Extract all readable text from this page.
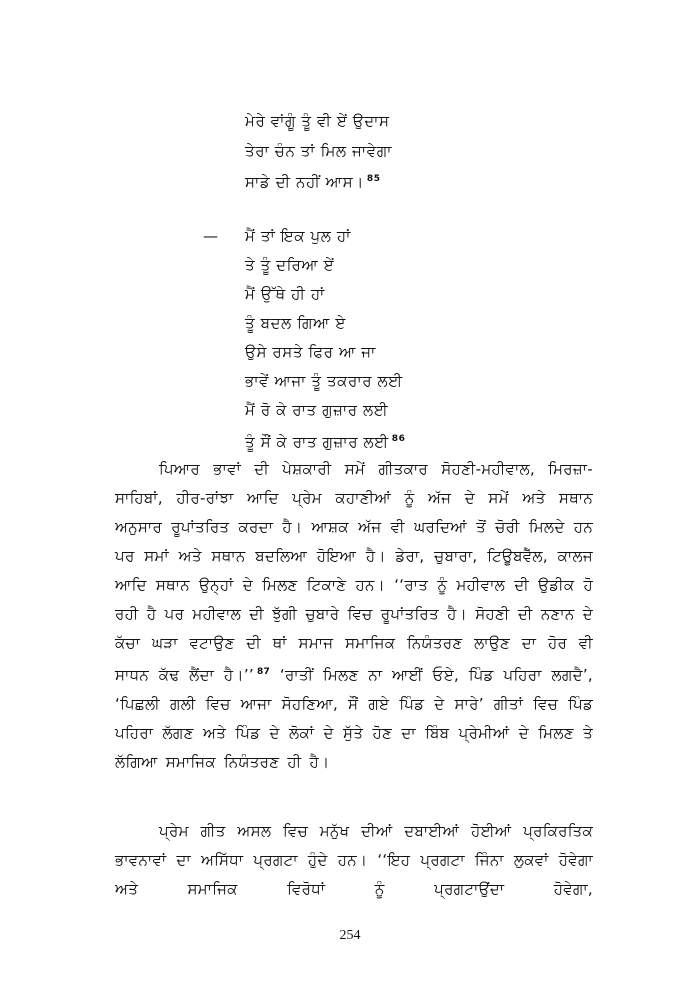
ਮੇਰੇ ਵਾਂਗੂੰ ਤੂੰ ਵੀ ਏਂ ਉਦਾਸ
ਤੇਰਾ ਚੰਨ ਤਾਂ ਮਿਲ ਜਾਵੇਗਾ
ਸਾਡੇ ਦੀ ਨਹੀਂ ਆਸ। $^{85}$
— ਮੈਂ ਤਾਂ ਇਕ ਪੁਲ ਹਾਂ
ਤੇ ਤੂੰ ਦਰਿਆ ਏਂ
ਮੈਂ ਉੱਥੇ ਹੀ ਹਾਂ
ਤੂੰ ਬਦਲ ਗਿਆ ਏ
ਉਸੇ ਰਸਤੇ ਫਿਰ ਆ ਜਾ
ਭਾਵੇਂ ਆਜਾ ਤੂੰ ਤਕਰਾਰ ਲਈ
ਮੈਂ ਰੋ ਕੇ ਰਾਤ ਗੁਜ਼ਾਰ ਲਈ
ਤੂੰ ਸੌਂ ਕੇ ਰਾਤ ਗੁਜ਼ਾਰ ਲਈ $^{86}$

ਪਿਆਰ ਭਾਵਾਂ ਦੀ ਪੇਸ਼ਕਾਰੀ ਸਮੇਂ ਗੀਤਕਾਰ ਸੋਹਣੀ-ਮਹੀਵਾਲ, ਮਿਰਜ਼ਾ-ਸਾਹਿਬਾਂ, ਹੀਰ-ਰਾਂਝਾ ਆਦਿ ਪ੍ਰੇਮ ਕਹਾਣੀਆਂ ਨੂੰ ਅੱਜ ਦੇ ਸਮੇਂ ਅਤੇ ਸਥਾਨ ਅਨੁਸਾਰ ਰੂਪਾਂਤਰਿਤ ਕਰਦਾ ਹੈ। ਆਸ਼ਕ ਅੱਜ ਵੀ ਘਰਦਿਆਂ ਤੋਂ ਚੋਰੀ ਮਿਲਦੇ ਹਨ ਪਰ ਸਮਾਂ ਅਤੇ ਸਥਾਨ ਬਦਲਿਆ ਹੋਇਆ ਹੈ। ਡੇਰਾ, ਚੁਬਾਰਾ, ਟਿਊਬਵੈੱਲ, ਕਾਲਜ ਆਦਿ ਸਥਾਨ ਉਨ੍ਹਾਂ ਦੇ ਮਿਲਣ ਟਿਕਾਣੇ ਹਨ। ‘‘ਰਾਤ ਨੂੰ ਮਹੀਵਾਲ ਦੀ ਉਡੀਕ ਹੋ ਰਹੀ ਹੈ ਪਰ ਮਹੀਵਾਲ ਦੀ ਝੁੱਗੀ ਚੁਬਾਰੇ ਵਿਚ ਰੂਪਾਂਤਰਿਤ ਹੈ। ਸੋਹਣੀ ਦੀ ਨਣਾਨ ਦੇ ਕੱਚਾ ਘੜਾ ਵਟਾਉਣ ਦੀ ਥਾਂ ਸਮਾਜ ਸਮਾਜਿਕ ਨਿਯੰਤਰਣ ਲਾਉਣ ਦਾ ਹੋਰ ਵੀ ਸਾਧਨ ਕੱਢ ਲੈਂਦਾ ਹੈ।’’ $^{87}$ ‘ਰਾਤੀਂ ਮਿਲਣ ਨਾ ਆਈਂ ਓਏ, ਪਿੰਡ ਪਹਿਰਾ ਲਗਦੈ’, ‘ਪਿਛਲੀ ਗਲੀ ਵਿਚ ਆਜਾ ਸੋਹਣਿਆ, ਸੌਂ ਗਏ ਪਿੰਡ ਦੇ ਸਾਰੇ’ ਗੀਤਾਂ ਵਿਚ ਪਿੰਡ ਪਹਿਰਾ ਲੱਗਣ ਅਤੇ ਪਿੰਡ ਦੇ ਲੋਕਾਂ ਦੇ ਸੁੱਤੇ ਹੋਣ ਦਾ ਬਿੰਬ ਪ੍ਰੇਮੀਆਂ ਦੇ ਮਿਲਣ ਤੇ ਲੱਗਿਆ ਸਮਾਜਿਕ ਨਿਯੰਤਰਣ ਹੀ ਹੈ।

ਪ੍ਰੇਮ ਗੀਤ ਅਸਲ ਵਿਚ ਮਨੁੱਖ ਦੀਆਂ ਦਬਾਈਆਂ ਹੋਈਆਂ ਪ੍ਰਕਿਰਤਿਕ ਭਾਵਨਾਵਾਂ ਦਾ ਅਸਿੱਧਾ ਪ੍ਰਗਟਾ ਹੁੰਦੇ ਹਨ। ‘‘ਇਹ ਪ੍ਰਗਟਾ ਜਿੰਨਾ ਲੁਕਵਾਂ ਹੋਵੇਗਾ ਅਤੇ ਸਮਾਜਿਕ ਵਿਰੋਧਾਂ ਨੂੰ ਪ੍ਰਗਟਾਉਂਦਾ ਹੋਵੇਗਾ,

254
